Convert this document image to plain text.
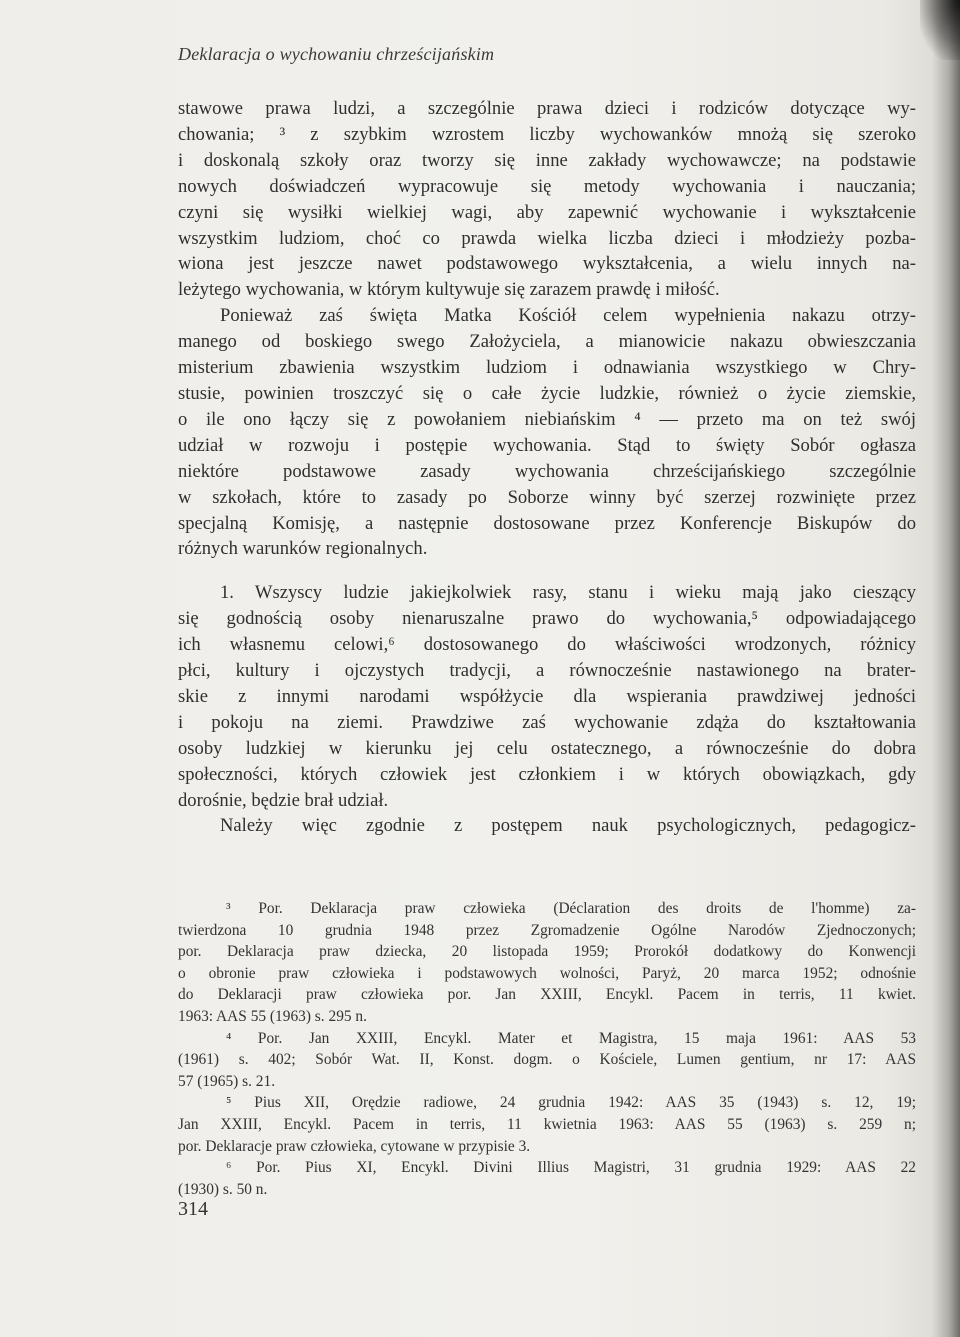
Deklaracja o wychowaniu chrześcijańskim

stawowe prawa ludzi, a szczególnie prawa dzieci i rodziców dotyczące wy-
chowania; ³ z szybkim wzrostem liczby wychowanków mnożą się szeroko
i doskonalą szkoły oraz tworzy się inne zakłady wychowawcze; na podstawie
nowych doświadczeń wypracowuje się metody wychowania i nauczania;
czyni się wysiłki wielkiej wagi, aby zapewnić wychowanie i wykształcenie
wszystkim ludziom, choć co prawda wielka liczba dzieci i młodzieży pozba-
wiona jest jeszcze nawet podstawowego wykształcenia, a wielu innych na-
leżytego wychowania, w którym kultywuje się zarazem prawdę i miłość.

Ponieważ zaś święta Matka Kościół celem wypełnienia nakazu otrzy-
manego od boskiego swego Założyciela, a mianowicie nakazu obwieszczania
misterium zbawienia wszystkim ludziom i odnawiania wszystkiego w Chry-
stusie, powinien troszczyć się o całe życie ludzkie, również o życie ziemskie,
o ile ono łączy się z powołaniem niebiańskim ⁴ — przeto ma on też swój
udział w rozwoju i postępie wychowania. Stąd to święty Sobór ogłasza
niektóre podstawowe zasady wychowania chrześcijańskiego szczególnie
w szkołach, które to zasady po Soborze winny być szerzej rozwinięte przez
specjalną Komisję, a następnie dostosowane przez Konferencje Biskupów do
różnych warunków regionalnych.

1. Wszyscy ludzie jakiejkolwiek rasy, stanu i wieku mają jako cieszący
się godnością osoby nienaruszalne prawo do wychowania,⁵ odpowiadającego
ich własnemu celowi,⁶ dostosowanego do właściwości wrodzonych, różnicy
płci, kultury i ojczystych tradycji, a równocześnie nastawionego na brater-
skie z innymi narodami współżycie dla wspierania prawdziwej jedności
i pokoju na ziemi. Prawdziwe zaś wychowanie zdąża do kształtowania
osoby ludzkiej w kierunku jej celu ostatecznego, a równocześnie do dobra
społeczności, których człowiek jest członkiem i w których obowiązkach, gdy
dorośnie, będzie brał udział.

Należy więc zgodnie z postępem nauk psychologicznych, pedagogicz-

³ Por. Deklaracja praw człowieka (Déclaration des droits de l'homme) za-
twierdzona 10 grudnia 1948 przez Zgromadzenie Ogólne Narodów Zjednoczonych;
por. Deklaracja praw dziecka, 20 listopada 1959; Prorokół dodatkowy do Konwencji
o obronie praw człowieka i podstawowych wolności, Paryż, 20 marca 1952; odnośnie
do Deklaracji praw człowieka por. Jan XXIII, Encykl. Pacem in terris, 11 kwiet.
1963: AAS 55 (1963) s. 295 n.
⁴ Por. Jan XXIII, Encykl. Mater et Magistra, 15 maja 1961: AAS 53
(1961) s. 402; Sobór Wat. II, Konst. dogm. o Kościele, Lumen gentium, nr 17: AAS
57 (1965) s. 21.
⁵ Pius XII, Orędzie radiowe, 24 grudnia 1942: AAS 35 (1943) s. 12, 19;
Jan XXIII, Encykl. Pacem in terris, 11 kwietnia 1963: AAS 55 (1963) s. 259 n;
por. Deklaracje praw człowieka, cytowane w przypisie 3.
⁶ Por. Pius XI, Encykl. Divini Illius Magistri, 31 grudnia 1929: AAS 22
(1930) s. 50 n.
314
